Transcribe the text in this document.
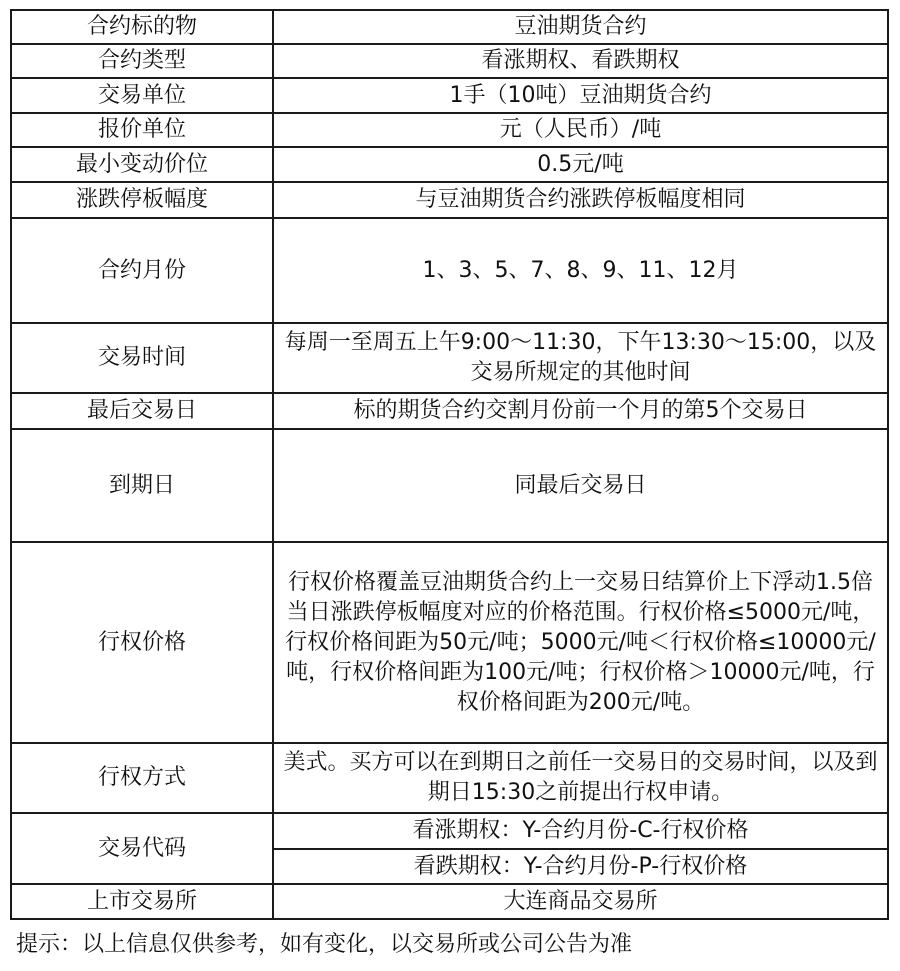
合约标的物	豆油期货合约
合约类型	看涨期权、看跌期权
交易单位	1手（10吨）豆油期货合约
报价单位	元（人民币）/吨
最小变动价位	0.5元/吨
涨跌停板幅度	与豆油期货合约涨跌停板幅度相同
合约月份	1、3、5、7、8、9、11、12月
交易时间	每周一至周五上午9:00～11:30，下午13:30～15:00，以及交易所规定的其他时间
最后交易日	标的期货合约交割月份前一个月的第5个交易日
到期日	同最后交易日
行权价格	行权价格覆盖豆油期货合约上一交易日结算价上下浮动1.5倍当日涨跌停板幅度对应的价格范围。行权价格≤5000元/吨，行权价格间距为50元/吨；5000元/吨＜行权价格≤10000元/吨，行权价格间距为100元/吨；行权价格＞10000元/吨，行权价格间距为200元/吨。
行权方式	美式。买方可以在到期日之前任一交易日的交易时间，以及到期日15:30之前提出行权申请。
交易代码	看涨期权：Y-合约月份-C-行权价格
	看跌期权：Y-合约月份-P-行权价格
上市交易所	大连商品交易所
提示：以上信息仅供参考，如有变化，以交易所或公司公告为准
